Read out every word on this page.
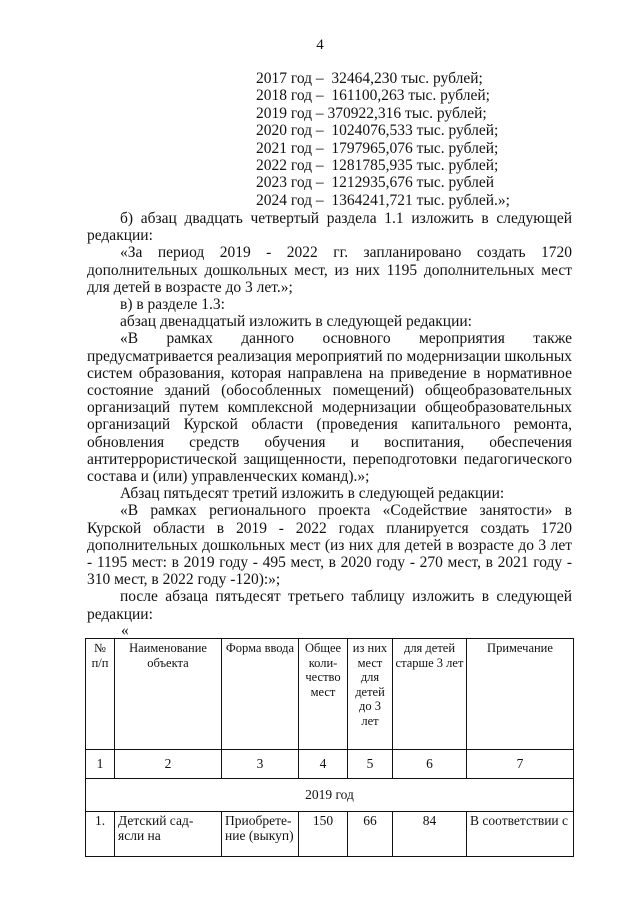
4
2017 год –  32464,230 тыс. рублей;
2018 год –  161100,263 тыс. рублей;
2019 год – 370922,316 тыс. рублей;
2020 год –  1024076,533 тыс. рублей;
2021 год –  1797965,076 тыс. рублей;
2022 год –  1281785,935 тыс. рублей;
2023 год –  1212935,676 тыс. рублей
2024 год –  1364241,721 тыс. рублей.»;

б) абзац двадцать четвертый раздела 1.1 изложить в следующей редакции:

«За период 2019 - 2022 гг. запланировано создать 1720 дополнительных дошкольных мест, из них 1195 дополнительных мест для детей в возрасте до 3 лет.»;

в) в разделе 1.3:

абзац двенадцатый изложить в следующей редакции:

«В рамках данного основного мероприятия также предусматривается реализация мероприятий по модернизации школьных систем образования, которая направлена на приведение в нормативное состояние зданий (обособленных помещений) общеобразовательных организаций путем комплексной модернизации общеобразовательных организаций Курской области (проведения капитального ремонта, обновления средств обучения и воспитания, обеспечения антитеррористической защищенности, переподготовки педагогического состава и (или) управленческих команд).»;

Абзац пятьдесят третий изложить в следующей редакции:

«В рамках регионального проекта «Содействие занятости» в Курской области в 2019 - 2022 годах планируется создать 1720 дополнительных дошкольных мест (из них для детей в возрасте до 3 лет - 1195 мест: в 2019 году - 495 мест, в 2020 году - 270 мест, в 2021 году - 310 мест, в 2022 году -120):»;

после абзаца пятьдесят третьего таблицу изложить в следующей редакции:

«
№ п/п	Наименование объекта	Форма ввода	Общее коли-чество мест	из них мест для детей до 3 лет	для детей старше 3 лет	Примечание
1	2	3	4	5	6	7
2019 год						
1.	Детский сад-ясли на	Приобрете-ние (выкуп)	150	66	84	В соответствии с
